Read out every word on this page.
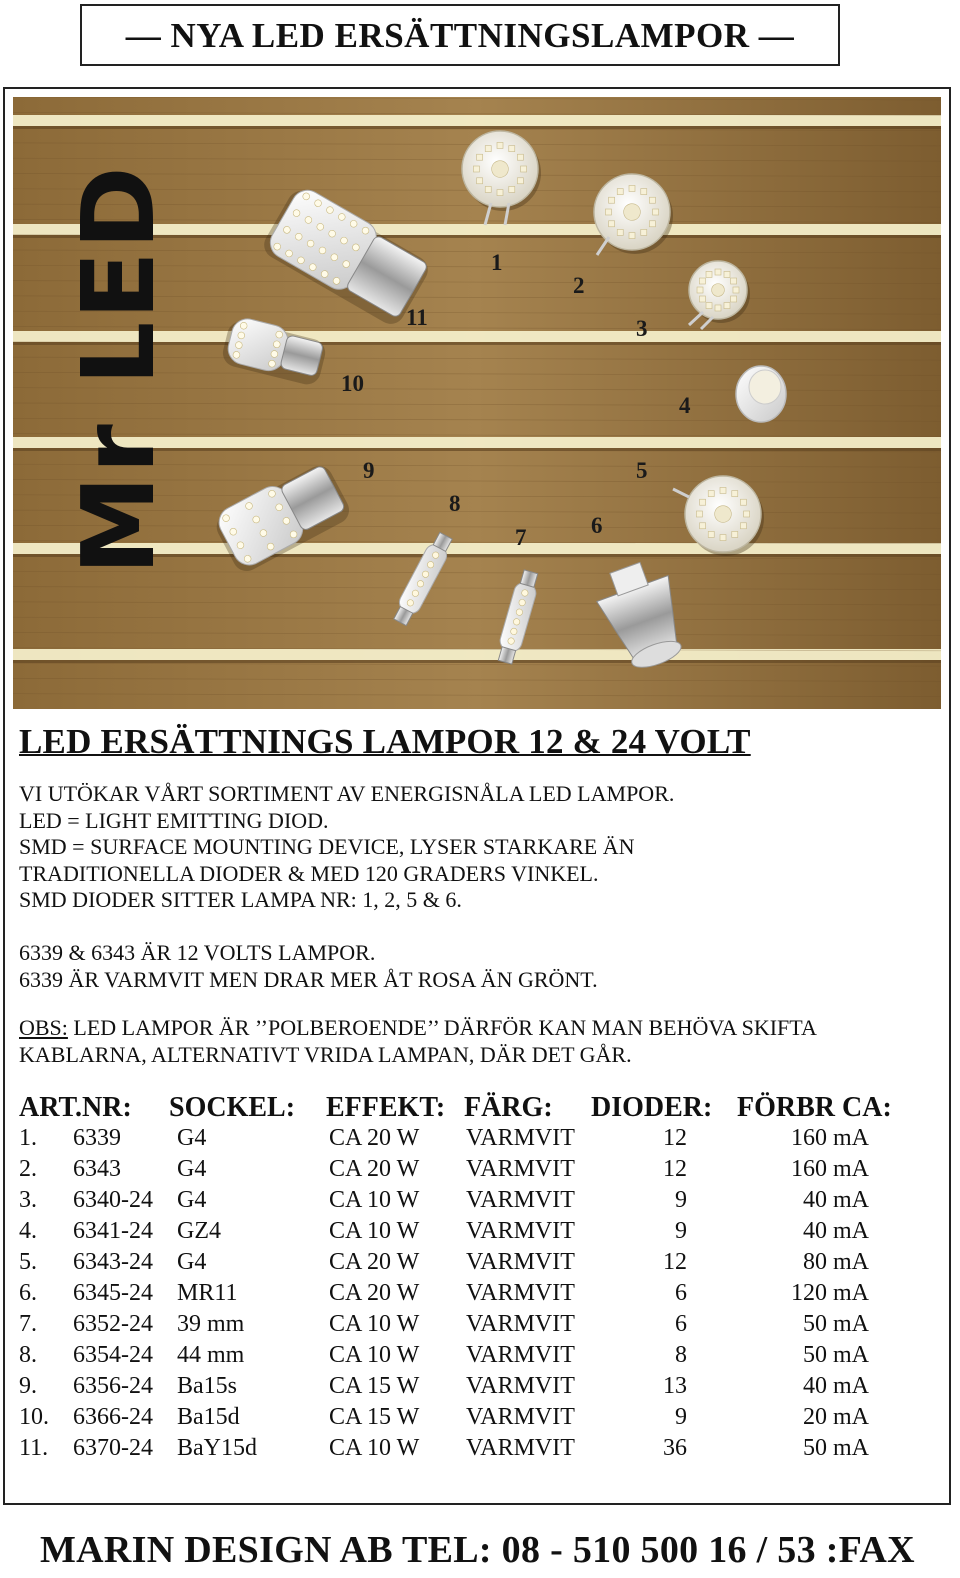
— NYA LED ERSÄTTNINGSLAMPOR —
Mr LED	1
2
3
4
5
6
7
8
9
10
11
LED ERSÄTTNINGS LAMPOR 12 & 24 VOLT
VI UTÖKAR VÅRT SORTIMENT AV ENERGISNÅLA LED LAMPOR.
LED = LIGHT EMITTING DIOD.
SMD = SURFACE MOUNTING DEVICE, LYSER STARKARE ÄN
TRADITIONELLA DIODER & MED 120 GRADERS VINKEL.
SMD DIODER SITTER LAMPA NR: 1, 2, 5 & 6.
6339 & 6343 ÄR 12 VOLTS LAMPOR.
6339 ÄR VARMVIT MEN DRAR MER ÅT ROSA ÄN GRÖNT.
OBS: LED LAMPOR ÄR ’’POLBEROENDE’’ DÄRFÖR KAN MAN BEHÖVA SKIFTA
KABLARNA, ALTERNATIVT VRIDA LAMPAN, DÄR DET GÅR.
ART.NR: SOCKEL: EFFEKT: FÄRG: DIODER: FÖRBR CA:
1. 6339 G4	CA 20 W VARMVIT	12	160 mA
2. 6343 G4	CA 20 W VARMVIT	12	160 mA
3. 6340-24 G4	CA 10 W VARMVIT	9	40 mA
4. 6341-24 GZ4	CA 10 W VARMVIT	9	40 mA
5. 6343-24 G4	CA 20 W VARMVIT	12	80 mA
6. 6345-24 MR11	CA 20 W VARMVIT	6	120 mA
7. 6352-24 39 mm	CA 10 W VARMVIT	6	50 mA
8. 6354-24 44 mm	CA 10 W VARMVIT	8	50 mA
9. 6356-24 Ba15s	CA 15 W VARMVIT	13	40 mA
10. 6366-24 Ba15d	CA 15 W VARMVIT	9	20 mA
11. 6370-24 BaY15d	CA 10 W VARMVIT	36	50 mA
MARIN DESIGN AB TEL: 08 - 510 500 16 / 53 :FAX
